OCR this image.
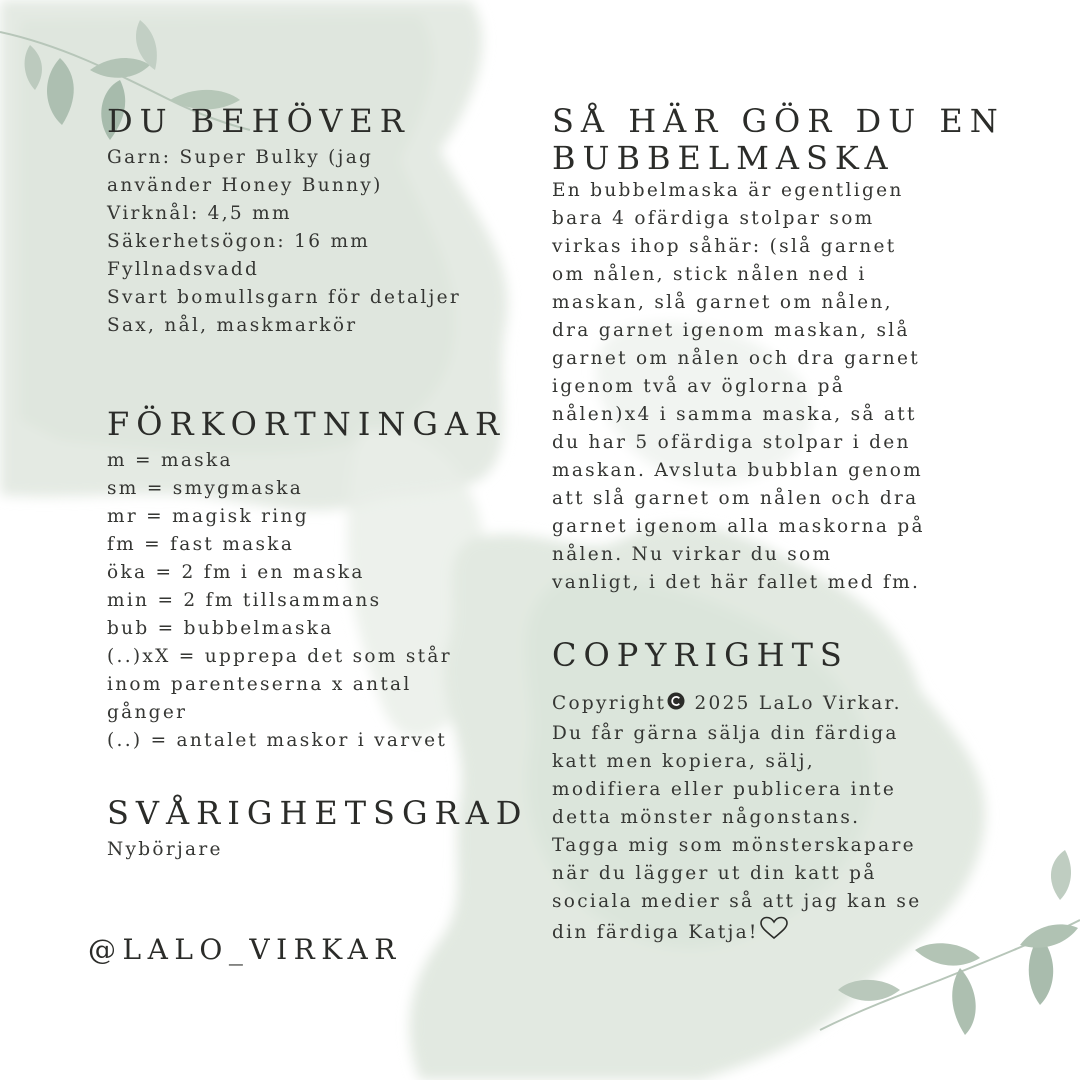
DU BEHÖVER
Garn: Super Bulky (jag
använder Honey Bunny)
Virknål: 4,5 mm
Säkerhetsögon: 16 mm
Fyllnadsvadd
Svart bomullsgarn för detaljer
Sax, nål, maskmarkör
FÖRKORTNINGAR
m = maska
sm = smygmaska
mr = magisk ring
fm = fast maska
öka = 2 fm i en maska
min = 2 fm tillsammans
bub = bubbelmaska
(..)xX = upprepa det som står
inom parenteserna x antal
gånger
(..) = antalet maskor i varvet
SVÅRIGHETSGRAD
Nybörjare
@LALO_VIRKAR
SÅ HÄR GÖR DU EN
BUBBELMASKA
En bubbelmaska är egentligen
bara 4 ofärdiga stolpar som
virkas ihop såhär: (slå garnet
om nålen, stick nålen ned i
maskan, slå garnet om nålen,
dra garnet igenom maskan, slå
garnet om nålen och dra garnet
igenom två av öglorna på
nålen)x4 i samma maska, så att
du har 5 ofärdiga stolpar i den
maskan. Avsluta bubblan genom
att slå garnet om nålen och dra
garnet igenom alla maskorna på
nålen. Nu virkar du som
vanligt, i det här fallet med fm.
COPYRIGHTS
Copyright 2025 LaLo Virkar.
Du får gärna sälja din färdiga
katt men kopiera, sälj,
modifiera eller publicera inte
detta mönster någonstans.
Tagga mig som mönsterskapare
när du lägger ut din katt på
sociala medier så att jag kan se
din färdiga Katja!
